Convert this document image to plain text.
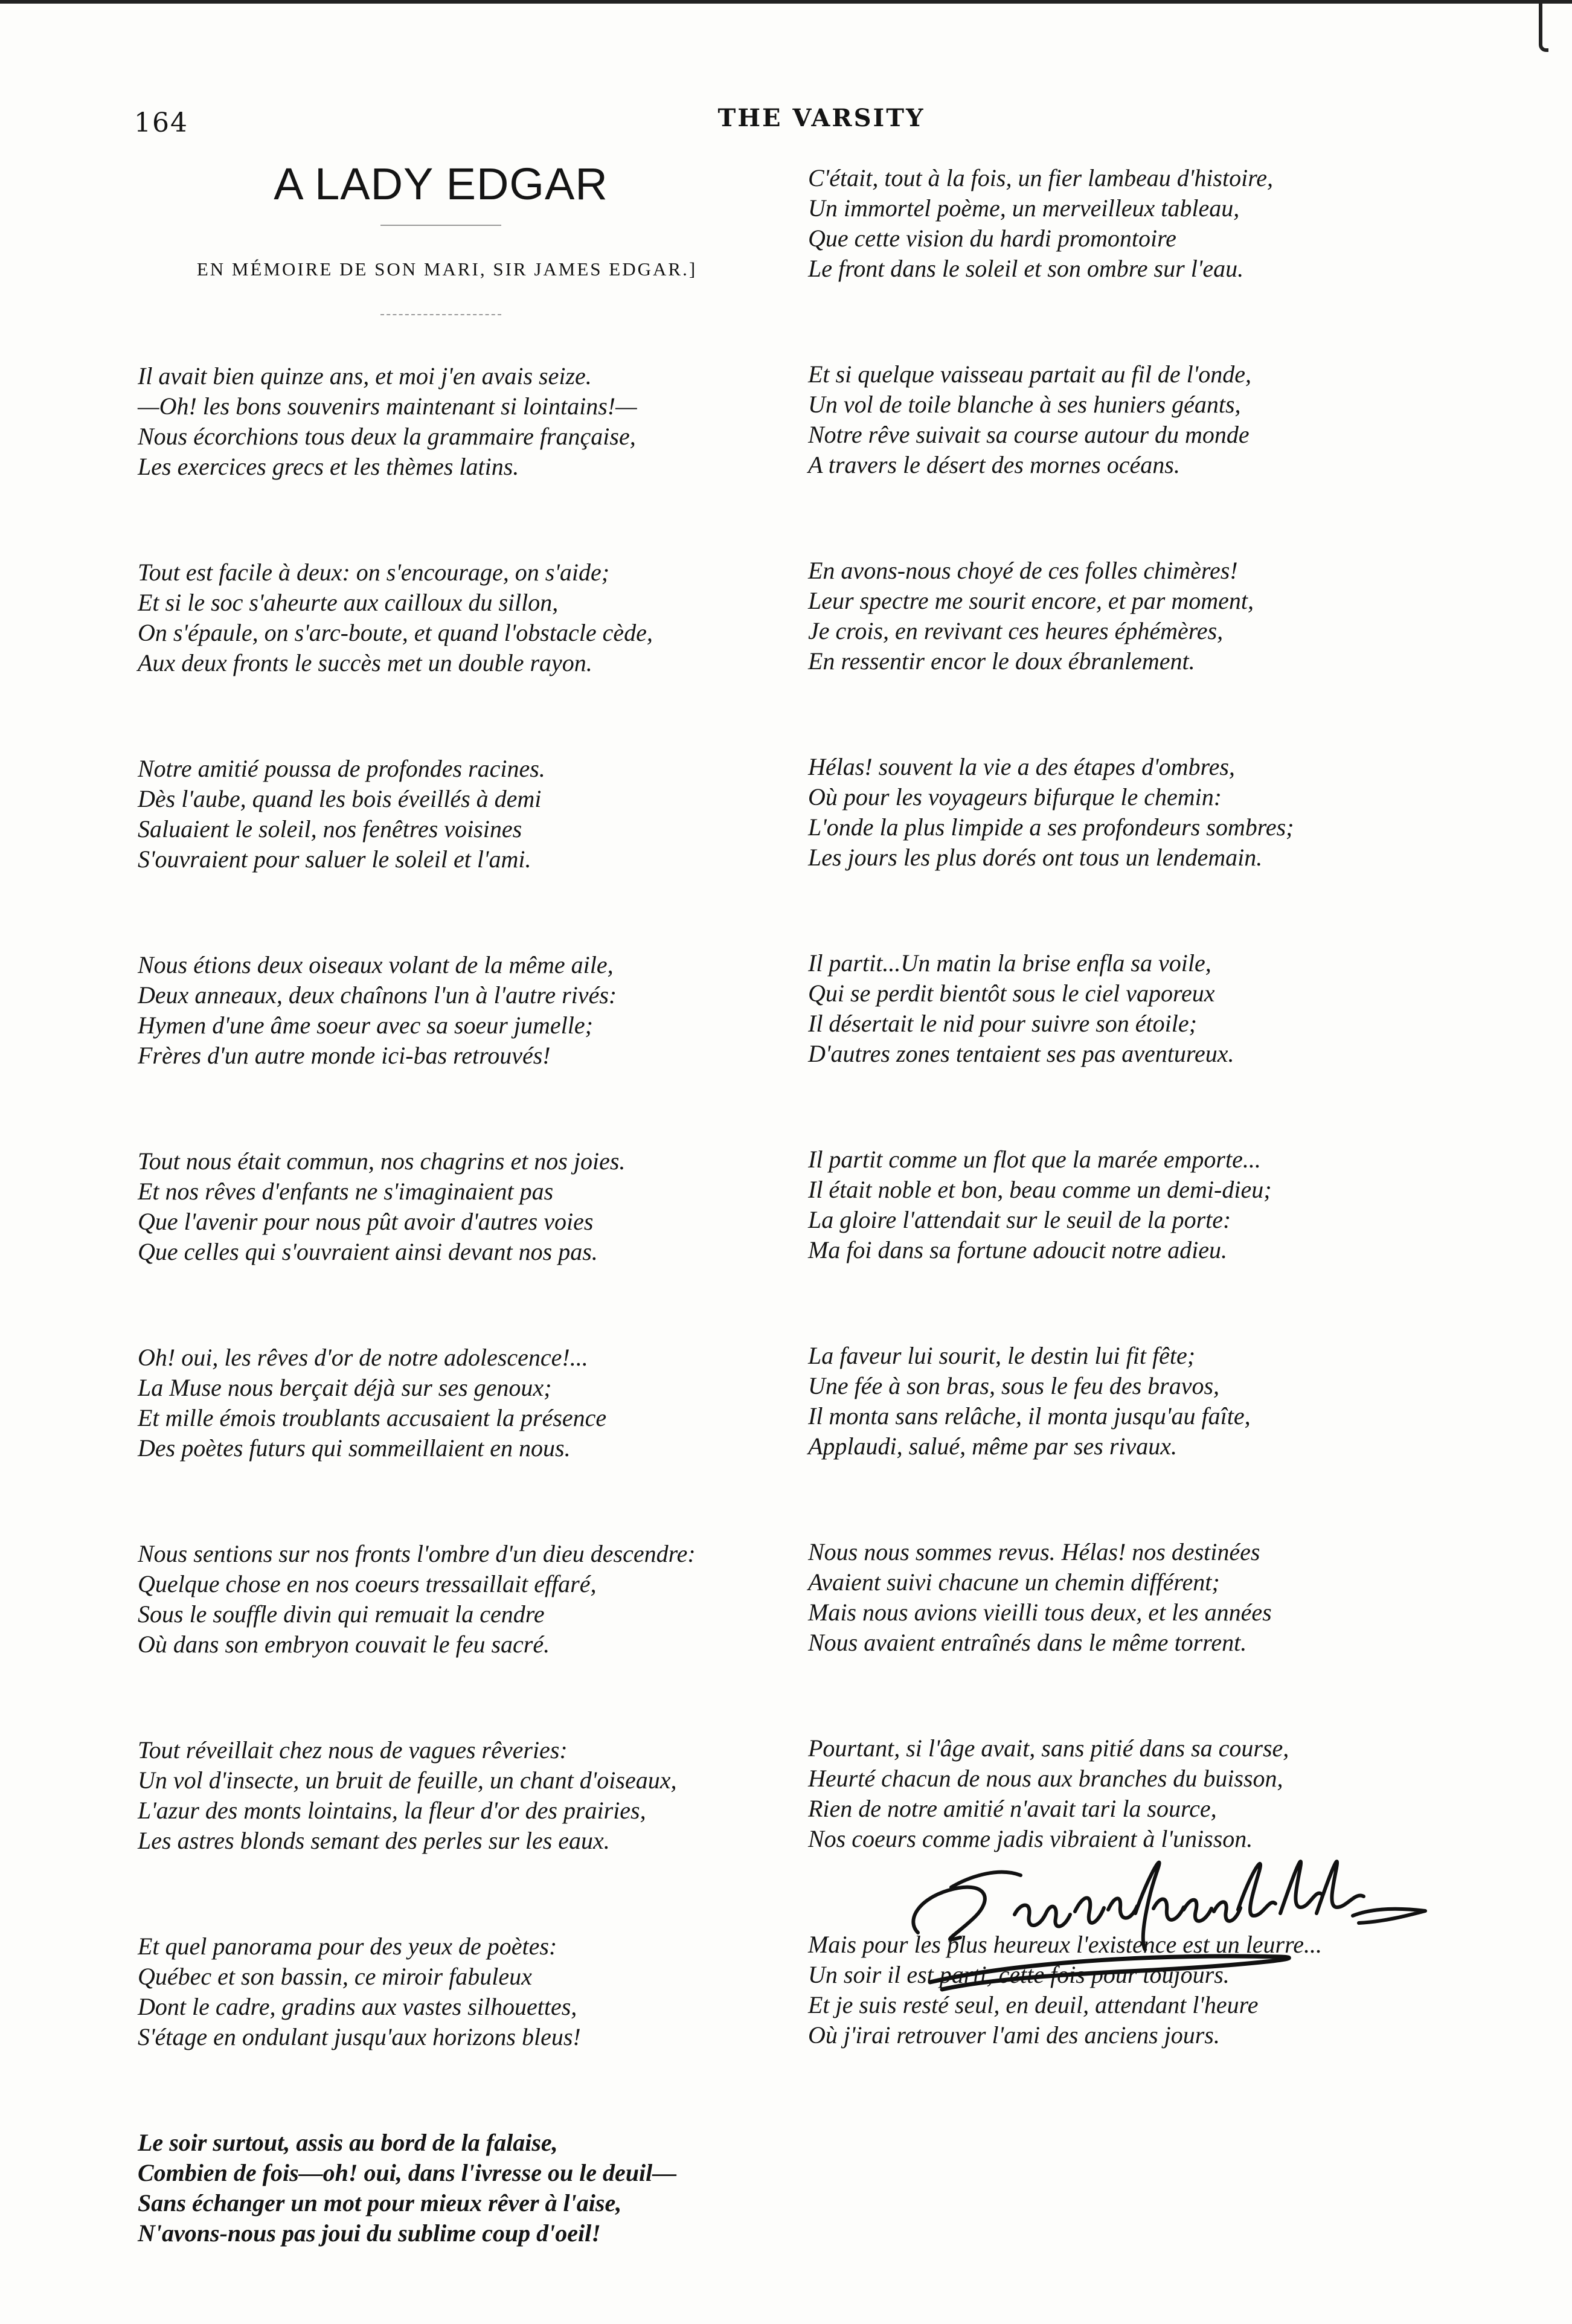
164	THE VARSITY
A LADY EDGAR
EN MÉMOIRE DE SON MARI, SIR JAMES EDGAR.]
Il avait bien quinze ans, et moi j'en avais seize.
—Oh! les bons souvenirs maintenant si lointains!—
Nous écorchions tous deux la grammaire française,
Les exercices grecs et les thèmes latins.
Tout est facile à deux: on s'encourage, on s'aide;
Et si le soc s'aheurte aux cailloux du sillon,
On s'épaule, on s'arc-boute, et quand l'obstacle cède,
Aux deux fronts le succès met un double rayon.
Notre amitié poussa de profondes racines.
Dès l'aube, quand les bois éveillés à demi
Saluaient le soleil, nos fenêtres voisines
S'ouvraient pour saluer le soleil et l'ami.
Nous étions deux oiseaux volant de la même aile,
Deux anneaux, deux chaînons l'un à l'autre rivés:
Hymen d'une âme soeur avec sa soeur jumelle;
Frères d'un autre monde ici-bas retrouvés!
Tout nous était commun, nos chagrins et nos joies.
Et nos rêves d'enfants ne s'imaginaient pas
Que l'avenir pour nous pût avoir d'autres voies
Que celles qui s'ouvraient ainsi devant nos pas.
Oh! oui, les rêves d'or de notre adolescence!...
La Muse nous berçait déjà sur ses genoux;
Et mille émois troublants accusaient la présence
Des poètes futurs qui sommeillaient en nous.
Nous sentions sur nos fronts l'ombre d'un dieu descendre:
Quelque chose en nos coeurs tressaillait effaré,
Sous le souffle divin qui remuait la cendre
Où dans son embryon couvait le feu sacré.
Tout réveillait chez nous de vagues rêveries:
Un vol d'insecte, un bruit de feuille, un chant d'oiseaux,
L'azur des monts lointains, la fleur d'or des prairies,
Les astres blonds semant des perles sur les eaux.
Et quel panorama pour des yeux de poètes:
Québec et son bassin, ce miroir fabuleux
Dont le cadre, gradins aux vastes silhouettes,
S'étage en ondulant jusqu'aux horizons bleus!
Le soir surtout, assis au bord de la falaise,
Combien de fois—oh! oui, dans l'ivresse ou le deuil—
Sans échanger un mot pour mieux rêver à l'aise,
N'avons-nous pas joui du sublime coup d'oeil!
C'était, tout à la fois, un fier lambeau d'histoire,
Un immortel poème, un merveilleux tableau,
Que cette vision du hardi promontoire
Le front dans le soleil et son ombre sur l'eau.
Et si quelque vaisseau partait au fil de l'onde,
Un vol de toile blanche à ses huniers géants,
Notre rêve suivait sa course autour du monde
A travers le désert des mornes océans.
En avons-nous choyé de ces folles chimères!
Leur spectre me sourit encore, et par moment,
Je crois, en revivant ces heures éphémères,
En ressentir encor le doux ébranlement.
Hélas! souvent la vie a des étapes d'ombres,
Où pour les voyageurs bifurque le chemin:
L'onde la plus limpide a ses profondeurs sombres;
Les jours les plus dorés ont tous un lendemain.
Il partit...Un matin la brise enfla sa voile,
Qui se perdit bientôt sous le ciel vaporeux
Il désertait le nid pour suivre son étoile;
D'autres zones tentaient ses pas aventureux.
Il partit comme un flot que la marée emporte...
Il était noble et bon, beau comme un demi-dieu;
La gloire l'attendait sur le seuil de la porte:
Ma foi dans sa fortune adoucit notre adieu.
La faveur lui sourit, le destin lui fit fête;
Une fée à son bras, sous le feu des bravos,
Il monta sans relâche, il monta jusqu'au faîte,
Applaudi, salué, même par ses rivaux.
Nous nous sommes revus. Hélas! nos destinées
Avaient suivi chacune un chemin différent;
Mais nous avions vieilli tous deux, et les années
Nous avaient entraînés dans le même torrent.
Pourtant, si l'âge avait, sans pitié dans sa course,
Heurté chacun de nous aux branches du buisson,
Rien de notre amitié n'avait tari la source,
Nos coeurs comme jadis vibraient à l'unisson.
Mais pour les plus heureux l'existence est un leurre...
Un soir il est parti, cette fois pour toujours.
Et je suis resté seul, en deuil, attendant l'heure
Où j'irai retrouver l'ami des anciens jours.
